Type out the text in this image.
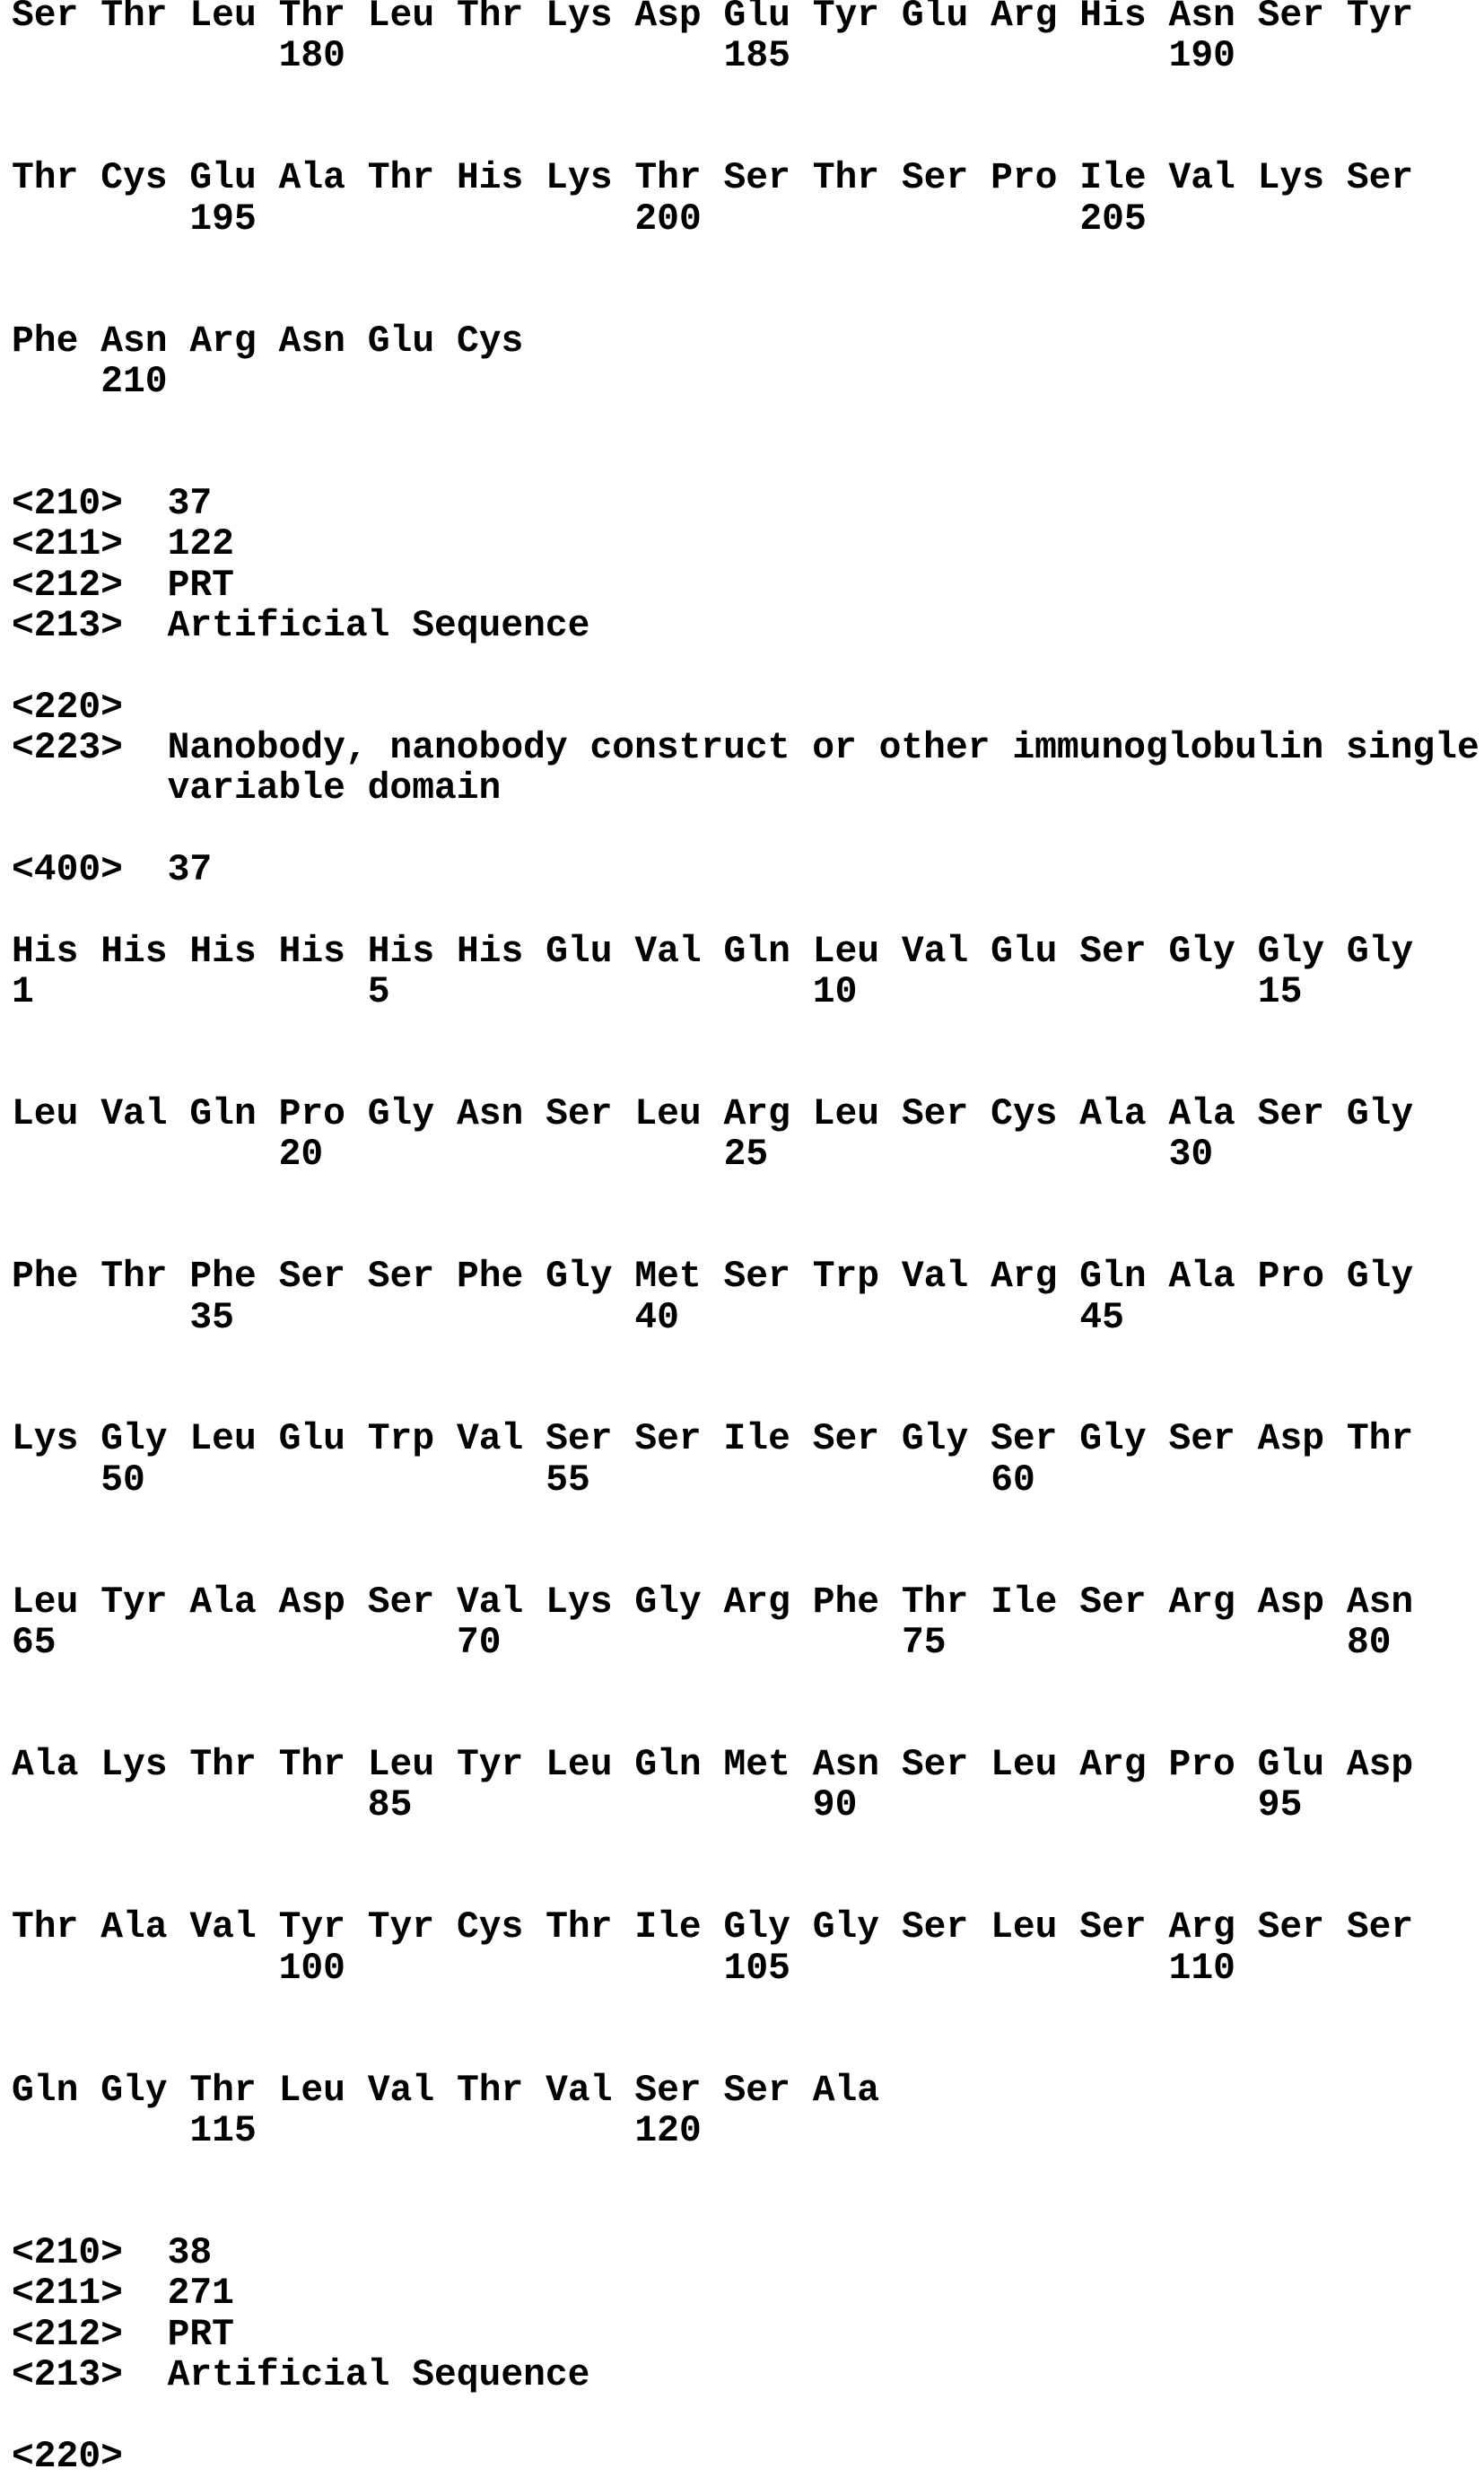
Ser Thr Leu Thr Leu Thr Lys Asp Glu Tyr Glu Arg His Asn Ser Tyr
180	185	190
Thr Cys Glu Ala Thr His Lys Thr Ser Thr Ser Pro Ile Val Lys Ser
195	200	205
Phe Asn Arg Asn Glu Cys
210
<210> 37
<211> 122
<212> PRT
<213> Artificial Sequence
<220>
<223> Nanobody, nanobody construct or other immunoglobulin single
variable domain
<400> 37
His His His His His His Glu Val Gln Leu Val Glu Ser Gly Gly Gly
1	5	10	15
Leu Val Gln Pro Gly Asn Ser Leu Arg Leu Ser Cys Ala Ala Ser Gly
20	25	30
Phe Thr Phe Ser Ser Phe Gly Met Ser Trp Val Arg Gln Ala Pro Gly
35	40	45
Lys Gly Leu Glu Trp Val Ser Ser Ile Ser Gly Ser Gly Ser Asp Thr
50	55	60
Leu Tyr Ala Asp Ser Val Lys Gly Arg Phe Thr Ile Ser Arg Asp Asn
65	70	75	80
Ala Lys Thr Thr Leu Tyr Leu Gln Met Asn Ser Leu Arg Pro Glu Asp
85	90	95
Thr Ala Val Tyr Tyr Cys Thr Ile Gly Gly Ser Leu Ser Arg Ser Ser
100	105	110
Gln Gly Thr Leu Val Thr Val Ser Ser Ala
115	120
<210> 38
<211> 271
<212> PRT
<213> Artificial Sequence
<220>
